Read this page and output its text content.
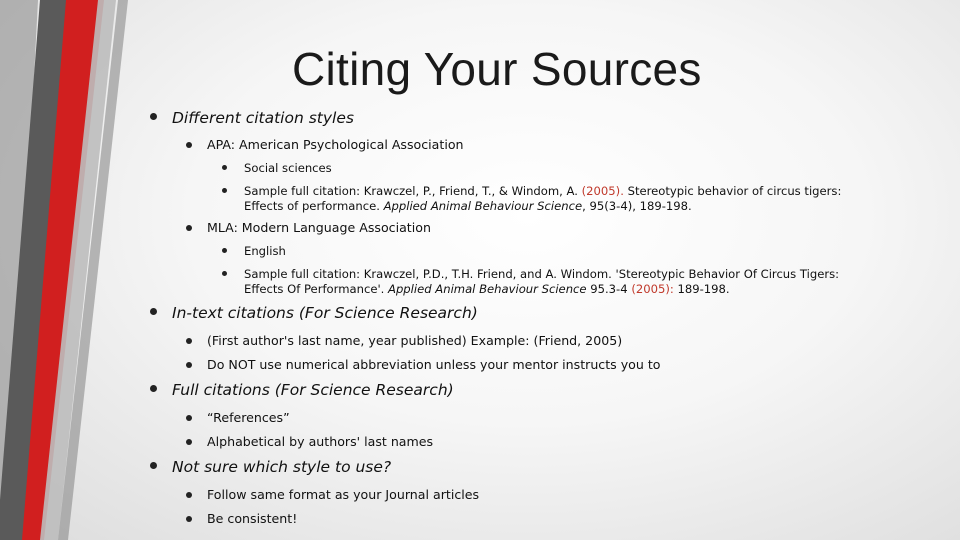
Citing Your Sources
Different citation styles
APA: American Psychological Association
Social sciences
Sample full citation: Krawczel, P., Friend, T., & Windom, A. (2005). Stereotypic behavior of circus tigers:
Effects of performance. Applied Animal Behaviour Science, 95(3-4), 189-198.
MLA: Modern Language Association
English
Sample full citation: Krawczel, P.D., T.H. Friend, and A. Windom. 'Stereotypic Behavior Of Circus Tigers:
Effects Of Performance'. Applied Animal Behaviour Science 95.3-4 (2005): 189-198.
In-text citations (For Science Research)
(First author's last name, year published) Example: (Friend, 2005)
Do NOT use numerical abbreviation unless your mentor instructs you to
Full citations (For Science Research)
“References”
Alphabetical by authors' last names
Not sure which style to use?
Follow same format as your Journal articles
Be consistent!
